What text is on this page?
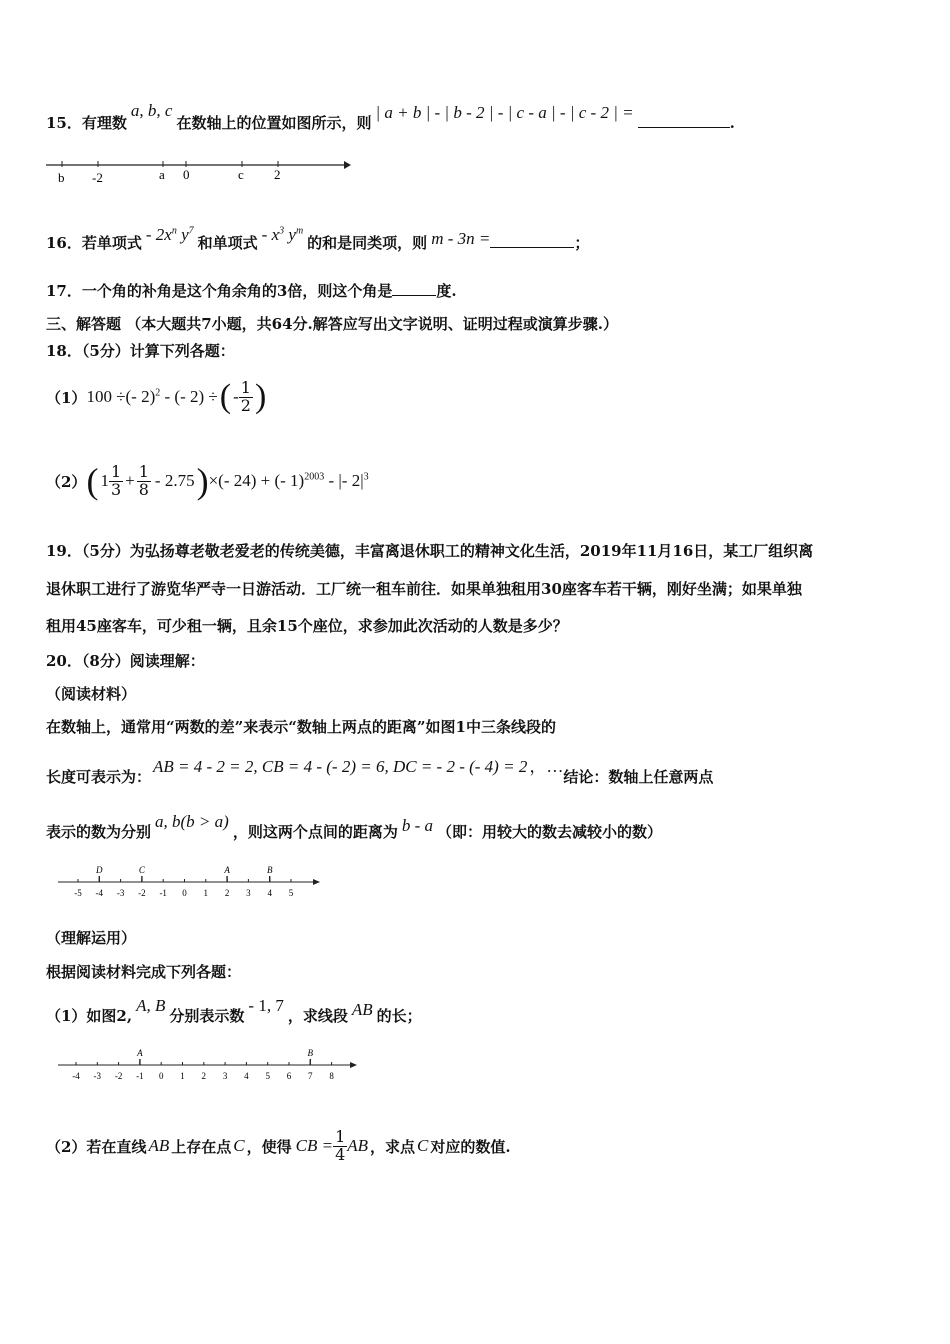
15．有理数a, b, c在数轴上的位置如图所示，则| a + b | - | b - 2 | - | c - a | - | c - 2 | =.
b -2	a 0	c 2
16．若单项式 - $2x^n$ $y^7$和单项式 - $x^3$ $y^m$的和是同类项，则 m - 3n =	；
17．一个角的补角是这个角余角的3倍，则这个角是	度.
三、解答题 （本大题共7小题，共64分.解答应写出文字说明、证明过程或演算步骤.）
18．（5分）计算下列各题：
（1） 100 ÷(- 2)$^2$ - (- 2) ÷ ( - $\frac{1}{2}$ )
（2） ( $1 \frac{1}{3} + \frac{1}{8} - 2.75$ ) ×(- 24) + (- 1)$^{2003}$ - |- $2|^3$
19．（5分）为弘扬尊老敬老爱老的传统美德，丰富离退休职工的精神文化生活，2019年11月16日，某工厂组织离
退休职工进行了游览华严寺一日游活动．工厂统一租车前往．如果单独租用30座客车若干辆，刚好坐满；如果单独
租用45座客车，可少租一辆，且余15个座位，求参加此次活动的人数是多少？
20．（8分）阅读理解：
（阅读材料）
在数轴上，通常用“两数的差”来表示“数轴上两点的距离”如图1中三条线段的
长度可表示为：AB = 4 - 2 = 2, CB = 4 - (- 2) = 6, DC = - 2 - (- 4) = 2 ，…结论：数轴上任意两点
表示的数为分别a, b(b > a)，则这两个点间的距离为 b - a （即：用较大的数去减较小的数）
-5 -4 -3 -2 -1 0 1 2 3 4 5
D	C	A	B
（理解运用）
根据阅读材料完成下列各题：
（1）如图2,A, B分别表示数- 1, 7，求线段 AB 的长；
-4 -3 -2 -1 0 1 2 3 4 5 6 7 8
A	B
（2）若在直线 AB 上存在点 C ，使得 CB = $\frac{1}{4}$ AB ，求点 C 对应的数值.
